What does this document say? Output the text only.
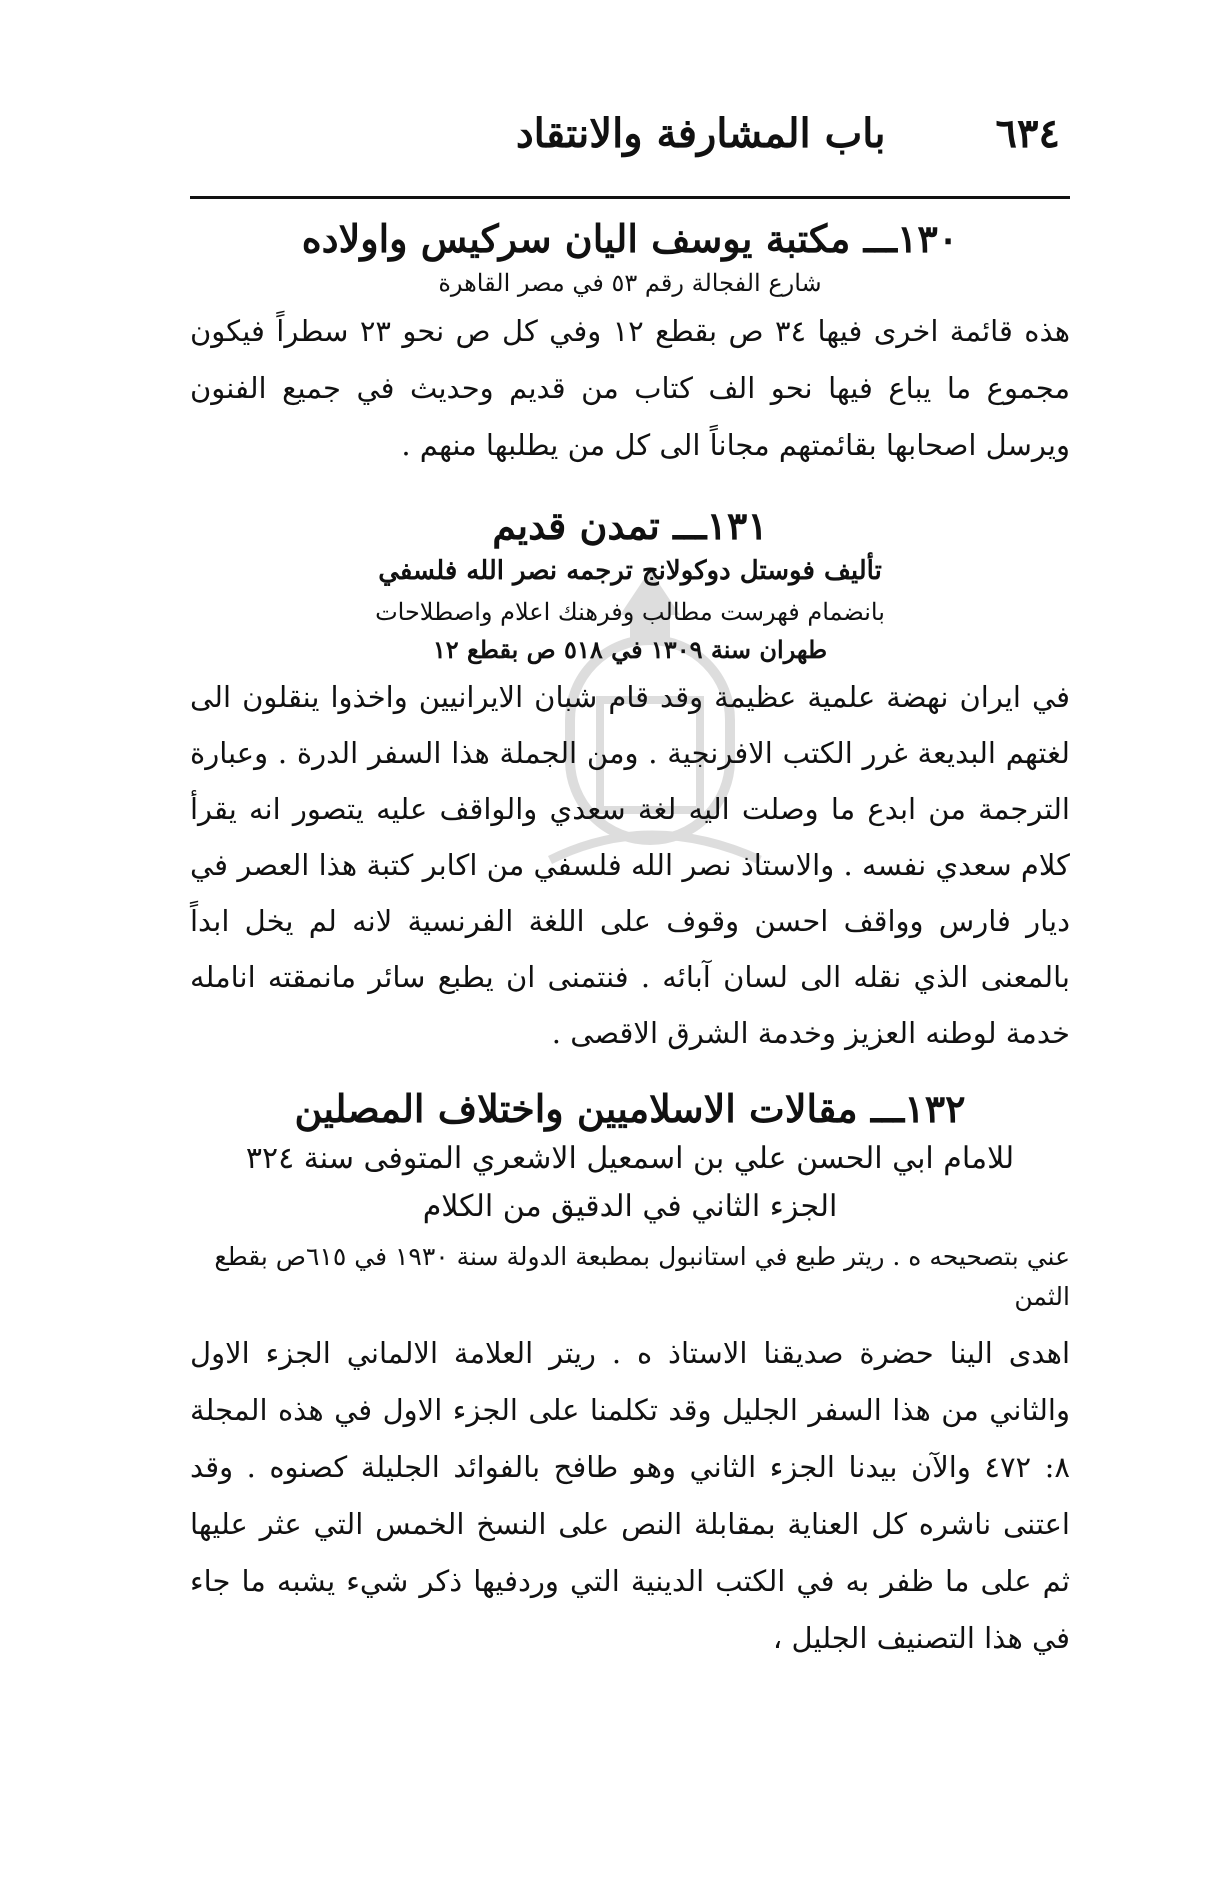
٦٣٤
باب المشارفة والانتقاد
١٣٠ـــ مكتبة يوسف اليان سركيس واولاده

شارع الفجالة رقم ٥٣ في مصر القاهرة

هذه قائمة اخرى فيها ٣٤ ص بقطع ١٢ وفي كل ص نحو ٢٣ سطراً فيكون مجموع ما يباع فيها نحو الف كتاب من قديم وحديث في جميع الفنون ويرسل اصحابها بقائمتهم مجاناً الى كل من يطلبها منهم .

١٣١ـــ تمدن قديم

تأليف فوستل دوكولانج ترجمه نصر الله فلسفي

بانضمام فهرست مطالب وفرهنك اعلام واصطلاحات

طهران سنة ١٣٠٩ في ٥١٨ ص بقطع ١٢

في ايران نهضة علمية عظيمة وقد قام شبان الايرانيين واخذوا ينقلون الى لغتهم البديعة غرر الكتب الافرنجية . ومن الجملة هذا السفر الدرة . وعبارة الترجمة من ابدع ما وصلت اليه لغة سعدي والواقف عليه يتصور انه يقرأ كلام سعدي نفسه . والاستاذ نصر الله فلسفي من اكابر كتبة هذا العصر في ديار فارس وواقف احسن وقوف على اللغة الفرنسية لانه لم يخل ابداً بالمعنى الذي نقله الى لسان آبائه . فنتمنى ان يطبع سائر مانمقته انامله خدمة لوطنه العزيز وخدمة الشرق الاقصى .

١٣٢ـــ مقالات الاسلاميين واختلاف المصلين

للامام ابي الحسن علي بن اسمعيل الاشعري المتوفى سنة ٣٢٤

الجزء الثاني في الدقيق من الكلام

عني بتصحيحه ه . ريتر طبع في استانبول بمطبعة الدولة سنة ١٩٣٠ في ٦١٥ص بقطع الثمن

اهدى الينا حضرة صديقنا الاستاذ ه . ريتر العلامة الالماني الجزء الاول والثاني من هذا السفر الجليل وقد تكلمنا على الجزء الاول في هذه المجلة ٨: ٤٧٢ والآن بيدنا الجزء الثاني وهو طافح بالفوائد الجليلة كصنوه . وقد اعتنى ناشره كل العناية بمقابلة النص على النسخ الخمس التي عثر عليها ثم على ما ظفر به في الكتب الدينية التي وردفيها ذكر شيء يشبه ما جاء في هذا التصنيف الجليل ،
